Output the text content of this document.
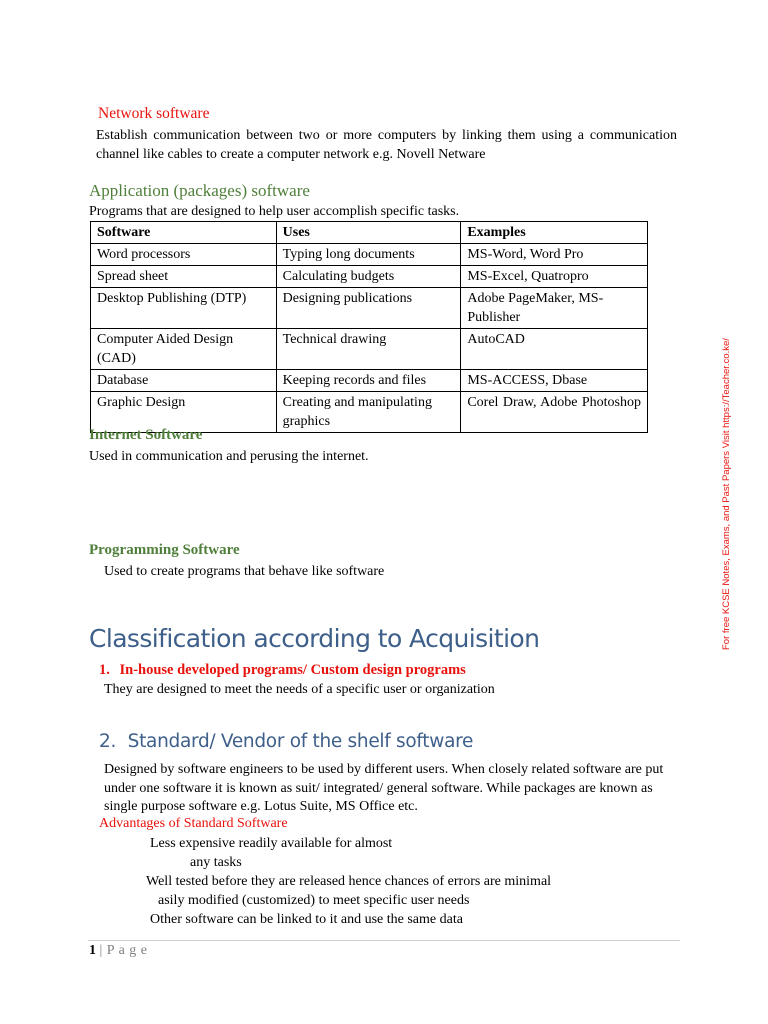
Network software
Establish communication between two or more computers by linking them using a communication channel like cables to create a computer network e.g. Novell Netware
Application (packages) software
Programs that are designed to help user accomplish specific tasks.
Software	Uses	Examples
Word processors	Typing long documents	MS-Word, Word Pro
Spread sheet	Calculating budgets	MS-Excel, Quatropro
Desktop Publishing (DTP)	Designing publications	Adobe PageMaker, MS-Publisher
Computer Aided Design (CAD)	Technical drawing	AutoCAD
Database	Keeping records and files	MS-ACCESS, Dbase
Graphic Design	Creating and manipulating graphics	Corel Draw, Adobe Photoshop
Internet Software
Used in communication and perusing the internet.
Programming Software
Used to create programs that behave like software
Classification according to Acquisition
1. In-house developed programs/ Custom design programs
They are designed to meet the needs of a specific user or organization
2. Standard/ Vendor of the shelf software
Designed by software engineers to be used by different users. When closely related software are put under one software it is known as suit/ integrated/ general software. While packages are known as single purpose software e.g. Lotus Suite, MS Office etc.
Advantages of Standard Software
Less expensive readily available for almost
any tasks
Well tested before they are released hence chances of errors are minimal
asily modified (customized) to meet specific user needs
Other software can be linked to it and use the same data
1 | P a g e
For free KCSE Notes, Exams, and Past Papers Visit https://Teacher.co.ke/
